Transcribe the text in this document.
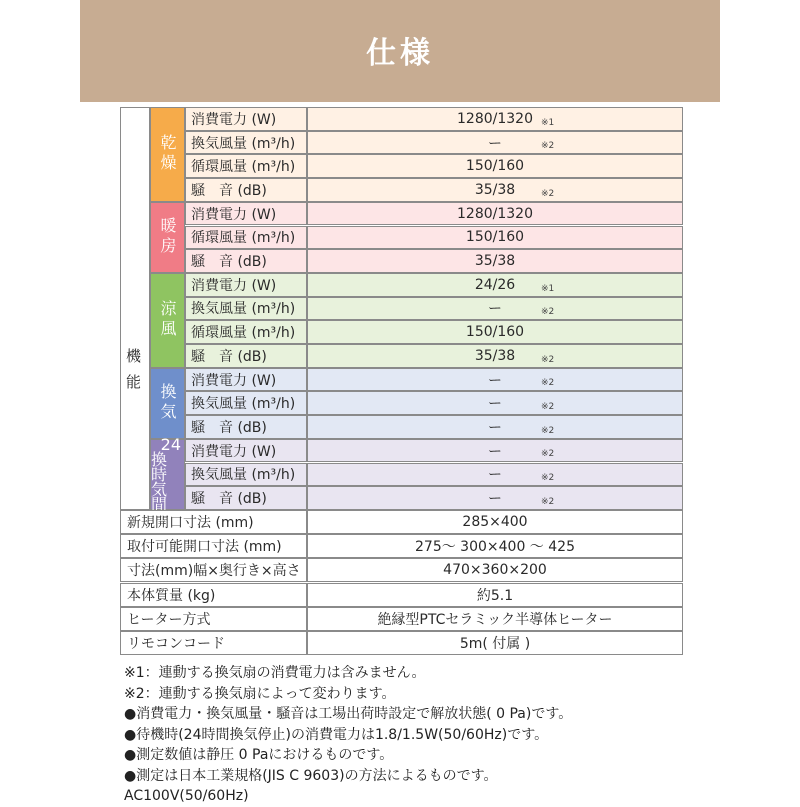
仕様
機
能
乾燥
消費電力 (W)	1280/1320 ※1
換気風量 (m³/h)	ー	※2
循環風量 (m³/h)	150/160
騒　音 (dB)	35/38	※2
暖房
消費電力 (W)	1280/1320
循環風量 (m³/h)	150/160
騒　音 (dB)	35/38
涼風
消費電力 (W)	24/26	※1
換気風量 (m³/h)	ー	※2
循環風量 (m³/h)	150/160
騒　音 (dB)	35/38	※2
換気
消費電力 (W)	ー	※2
換気風量 (m³/h)	ー	※2
騒　音 (dB)	ー	※2
24
換時
気間
消費電力 (W)	ー	※2
換気風量 (m³/h)	ー	※2
騒　音 (dB)	ー	※2
新規開口寸法 (mm)	285×400
取付可能開口寸法 (mm)	275～ 300×400 ～ 425
寸法(mm)幅×奥行き×高さ	470×360×200
本体質量 (kg)	約5.1
ヒーター方式	絶縁型PTCセラミック半導体ヒーター
リモコンコード	5m( 付属 )
※1：連動する換気扇の消費電力は含みません。
※2：連動する換気扇によって変わります。
●消費電力・換気風量・騒音は工場出荷時設定で解放状態( 0 Pa)です。
●待機時(24時間換気停止)の消費電力は1.8/1.5W(50/60Hz)です。
●測定数値は静圧 0 Paにおけるものです。
●測定は日本工業規格(JIS C 9603)の方法によるものです。
AC100V(50/60Hz)
